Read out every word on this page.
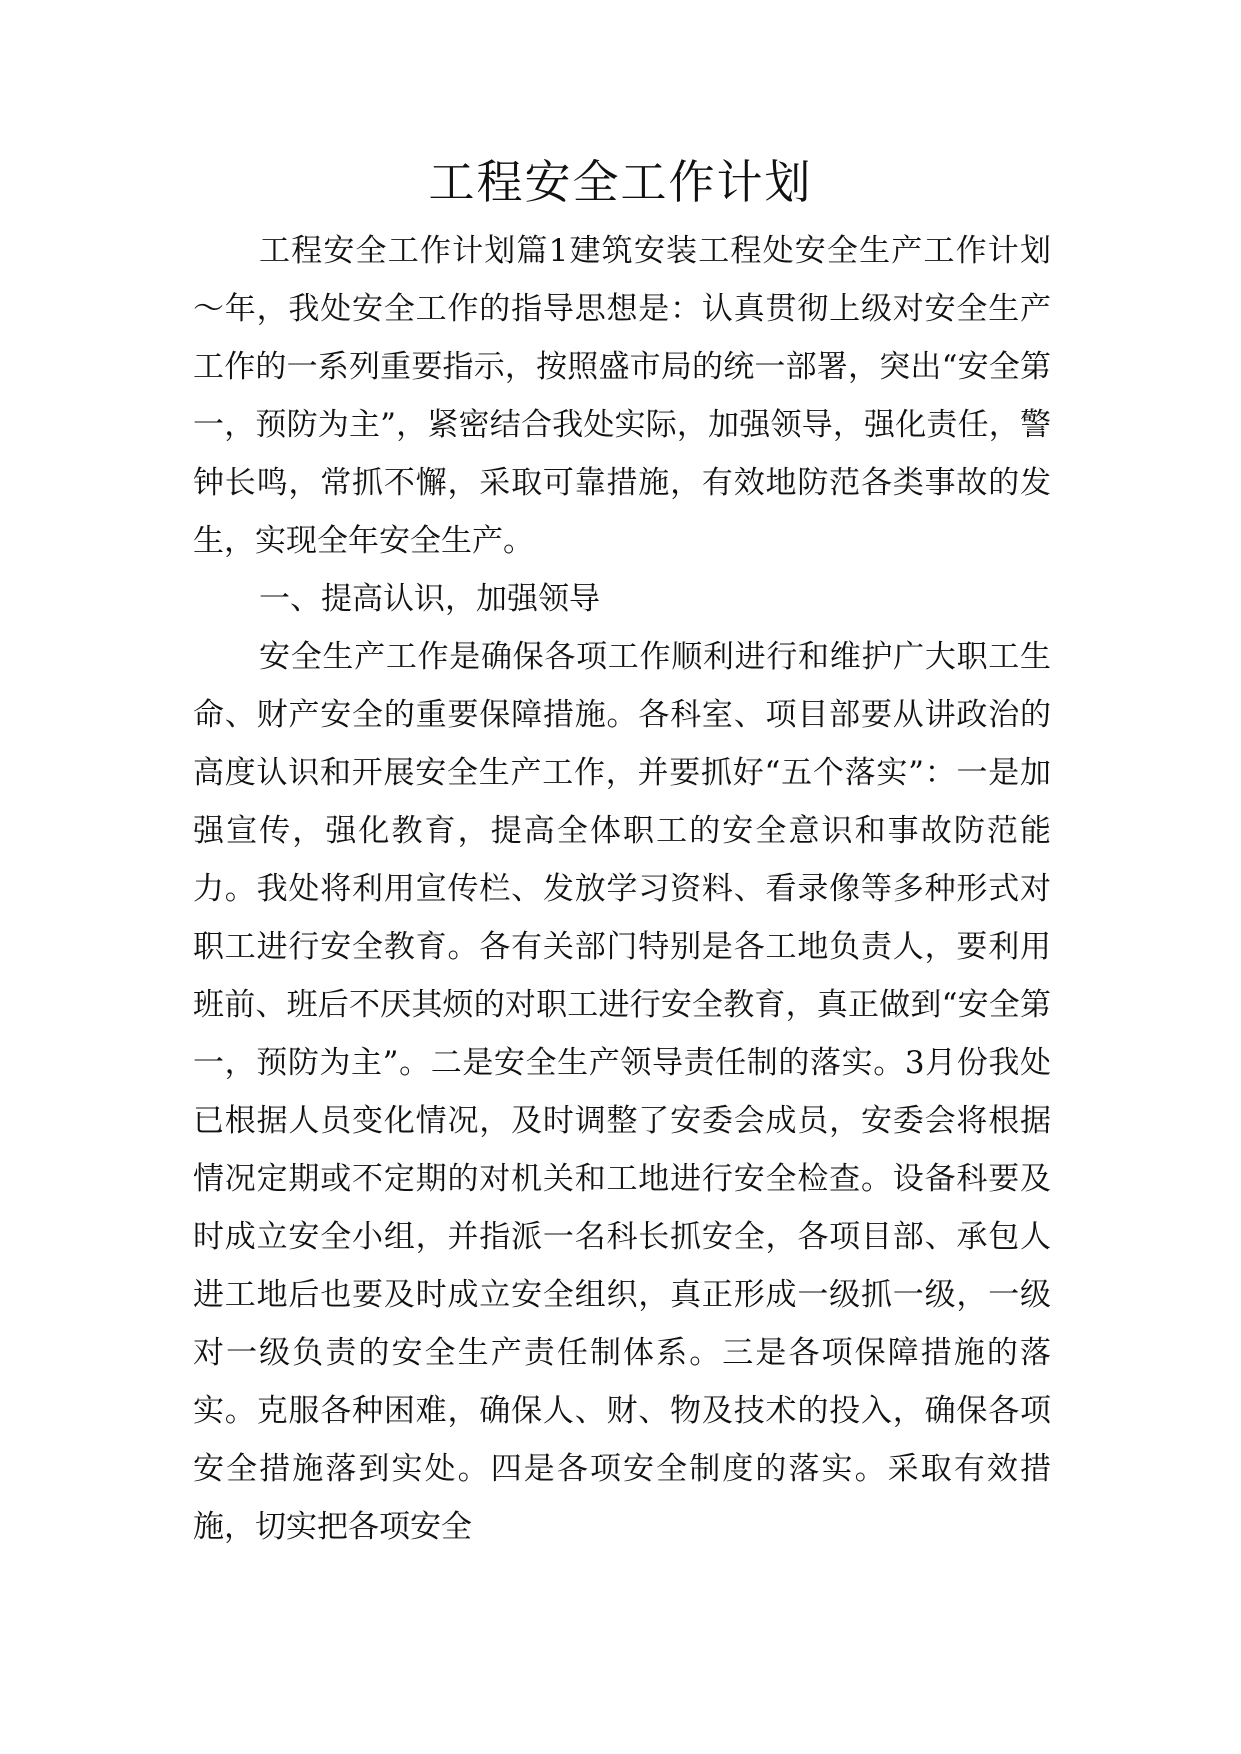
工程安全工作计划

工程安全工作计划篇1建筑安装工程处安全生产工作计划～年，我处安全工作的指导思想是：认真贯彻上级对安全生产工作的一系列重要指示，按照盛市局的统一部署，突出“安全第一，预防为主”，紧密结合我处实际，加强领导，强化责任，警钟长鸣，常抓不懈，采取可靠措施，有效地防范各类事故的发生，实现全年安全生产。

一、提高认识，加强领导

安全生产工作是确保各项工作顺利进行和维护广大职工生命、财产安全的重要保障措施。各科室、项目部要从讲政治的高度认识和开展安全生产工作，并要抓好“五个落实”：一是加强宣传，强化教育，提高全体职工的安全意识和事故防范能力。我处将利用宣传栏、发放学习资料、看录像等多种形式对职工进行安全教育。各有关部门特别是各工地负责人，要利用班前、班后不厌其烦的对职工进行安全教育，真正做到“安全第一，预防为主”。二是安全生产领导责任制的落实。3月份我处已根据人员变化情况，及时调整了安委会成员，安委会将根据情况定期或不定期的对机关和工地进行安全检查。设备科要及时成立安全小组，并指派一名科长抓安全，各项目部、承包人进工地后也要及时成立安全组织，真正形成一级抓一级，一级对一级负责的安全生产责任制体系。三是各项保障措施的落实。克服各种困难，确保人、财、物及技术的投入，确保各项安全措施落到实处。四是各项安全制度的落实。采取有效措施，切实把各项安全
